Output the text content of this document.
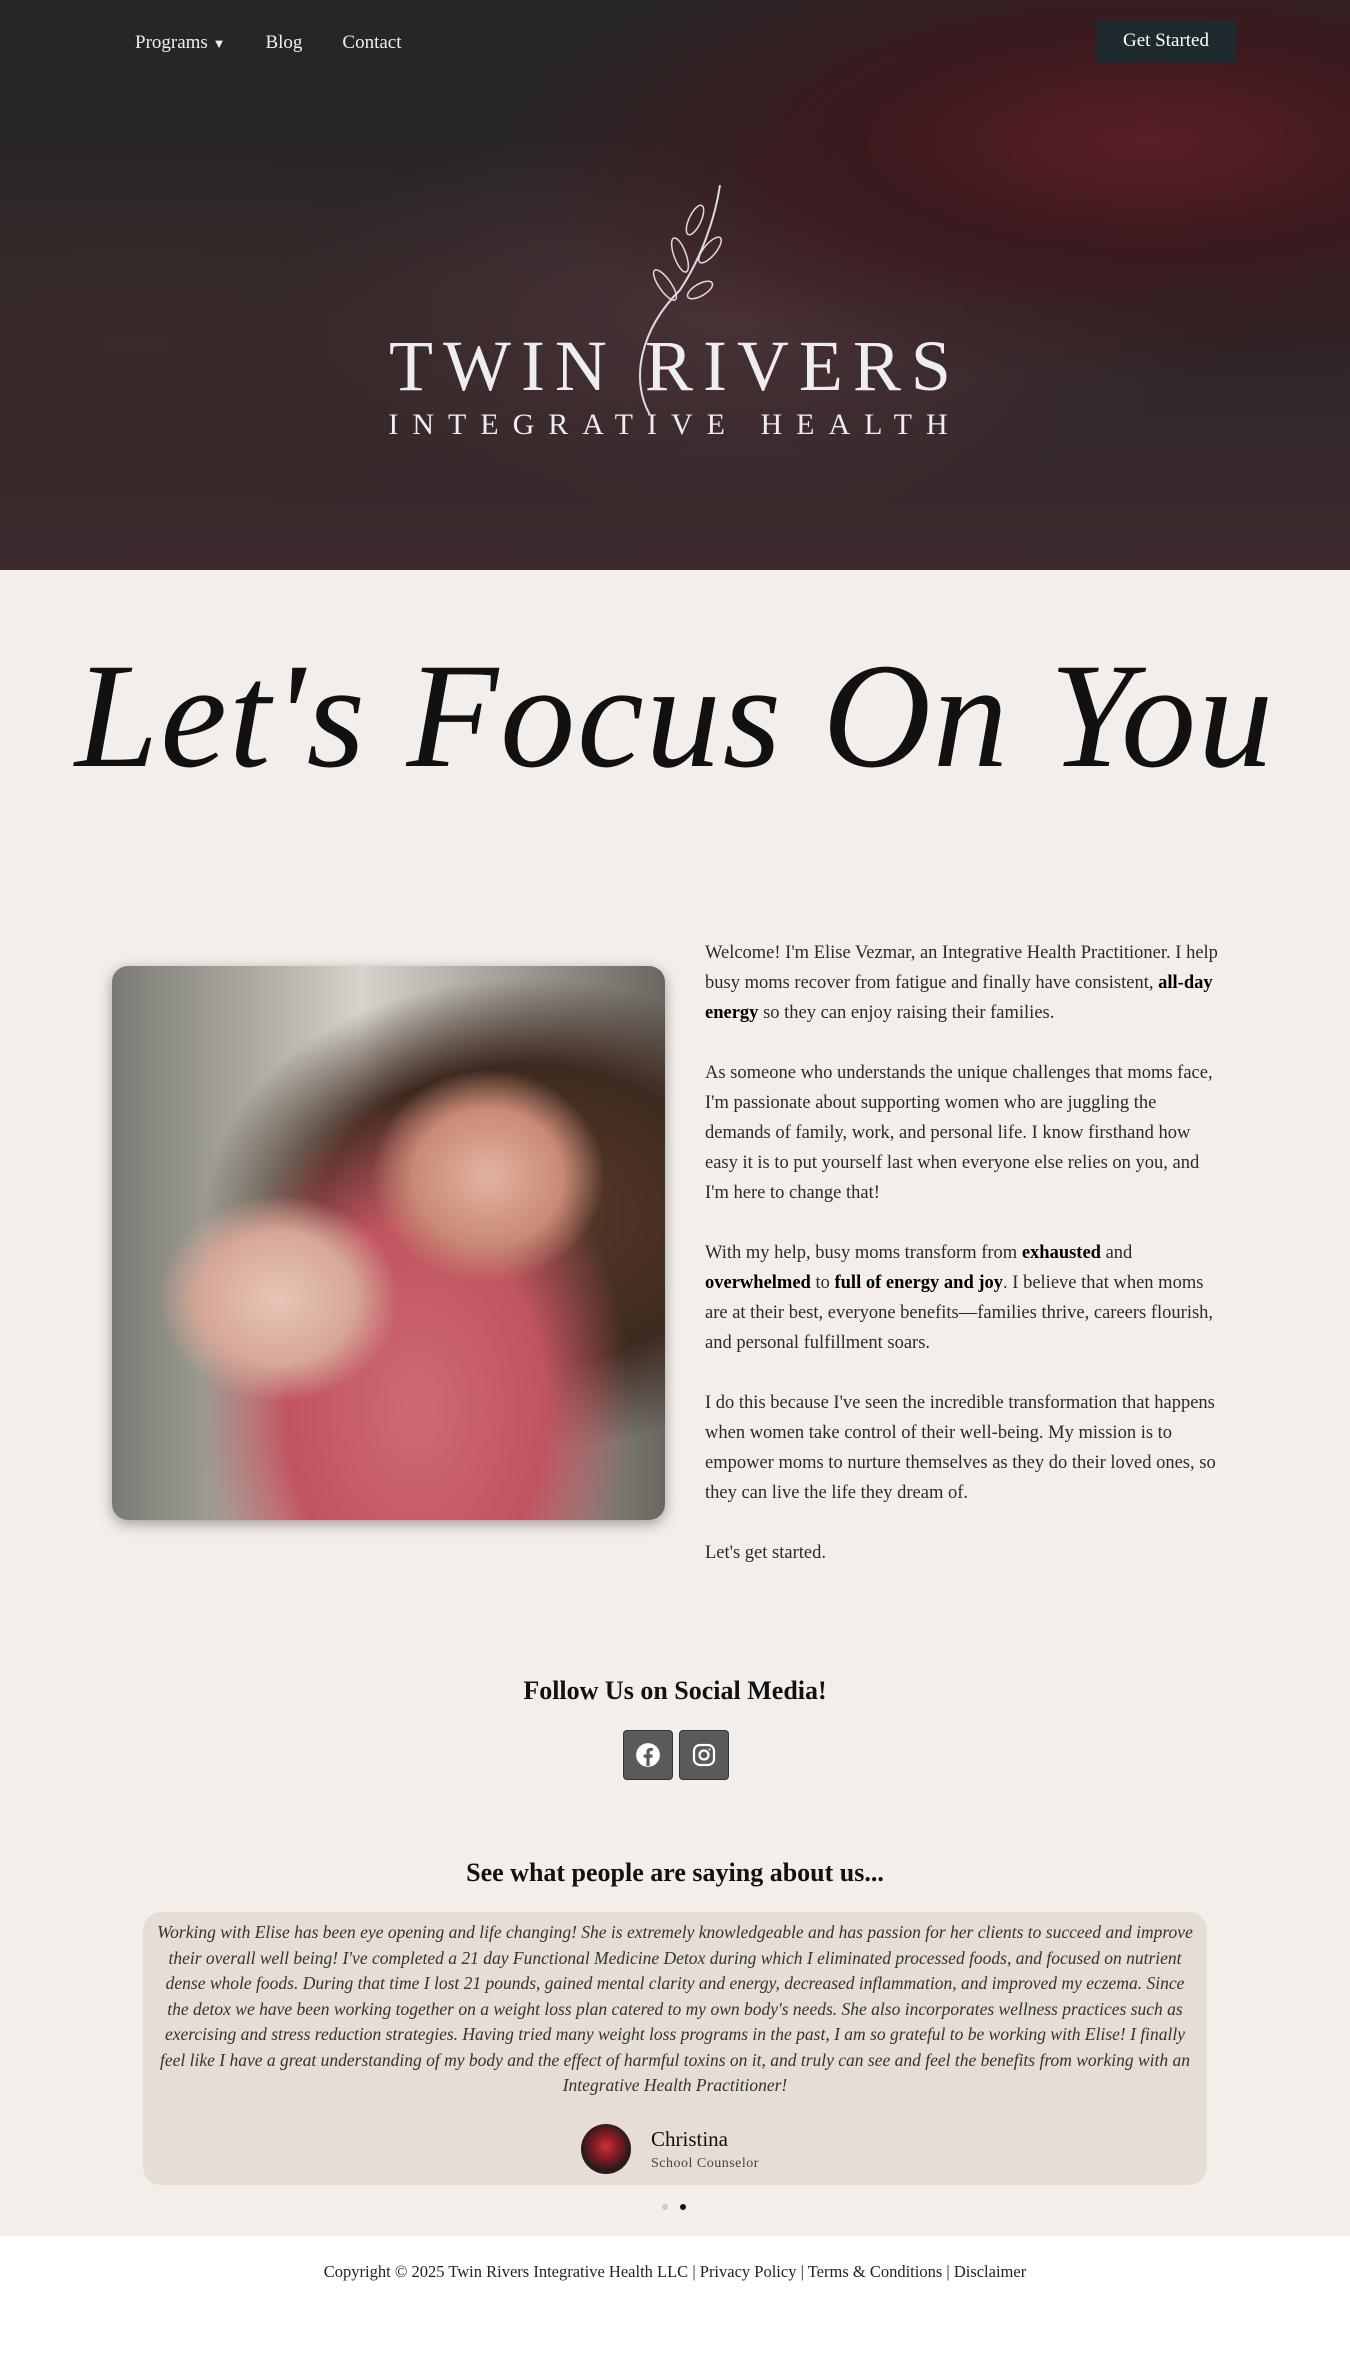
Programs ▼ Blog Contact	Get Started
TWIN RIVERS
INTEGRATIVE HEALTH
Let's Focus On You

Welcome! I'm Elise Vezmar, an Integrative Health Practitioner. I help busy moms recover from fatigue and finally have consistent, all-day energy so they can enjoy raising their families.

As someone who understands the unique challenges that moms face, I'm passionate about supporting women who are juggling the demands of family, work, and personal life. I know firsthand how easy it is to put yourself last when everyone else relies on you, and I'm here to change that!

With my help, busy moms transform from exhausted and overwhelmed to full of energy and joy. I believe that when moms are at their best, everyone benefits—families thrive, careers flourish, and personal fulfillment soars.

I do this because I've seen the incredible transformation that happens when women take control of their well-being. My mission is to empower moms to nurture themselves as they do their loved ones, so they can live the life they dream of.

Let's get started.

Follow Us on Social Media!
See what people are saying about us...

Working with Elise has been eye opening and life changing! She is extremely knowledgeable and has passion for her clients to succeed and improve their overall well being! I've completed a 21 day Functional Medicine Detox during which I eliminated processed foods, and focused on nutrient dense whole foods. During that time I lost 21 pounds, gained mental clarity and energy, decreased inflammation, and improved my eczema. Since the detox we have been working together on a weight loss plan catered to my own body's needs. She also incorporates wellness practices such as exercising and stress reduction strategies. Having tried many weight loss programs in the past, I am so grateful to be working with Elise! I finally feel like I have a great understanding of my body and the effect of harmful toxins on it, and truly can see and feel the benefits from working with an Integrative Health Practitioner!

Christina
School Counselor
Copyright © 2025 Twin Rivers Integrative Health LLC | Privacy Policy | Terms & Conditions | Disclaimer
